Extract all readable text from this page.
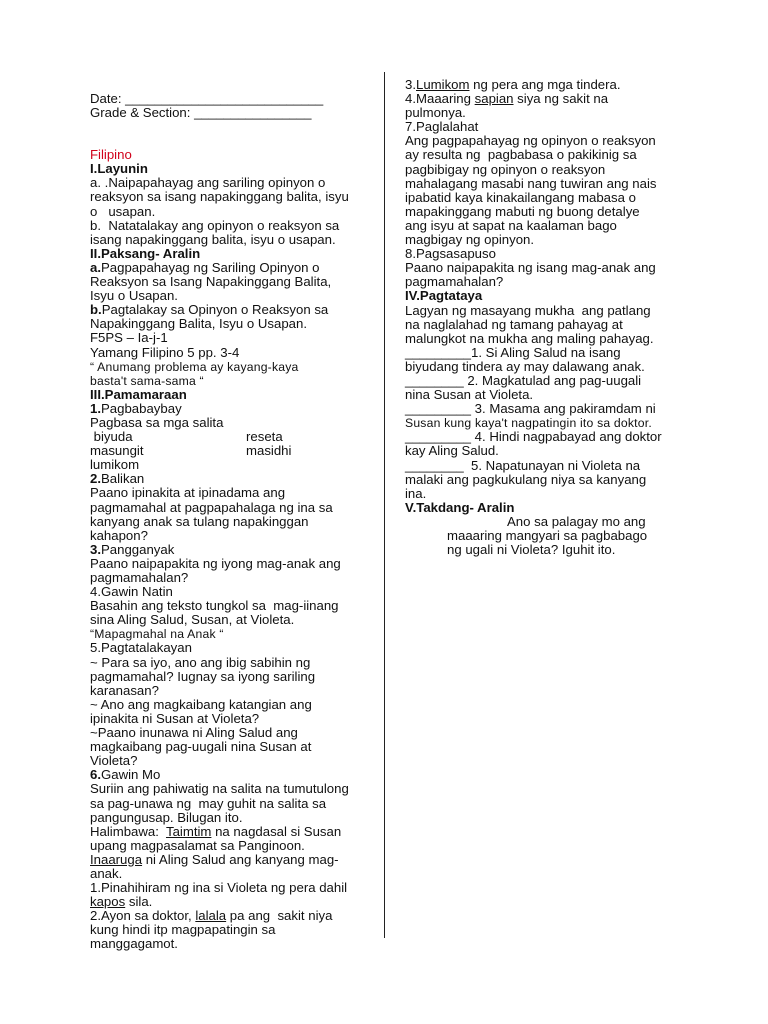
Date: ___________________________
Grade & Section: ________________
Filipino
I.Layunin
a. .Naipapahayag ang sariling opinyon o
reaksyon sa isang napakinggang balita, isyu
o   usapan.
b.  Natatalakay ang opinyon o reaksyon sa
isang napakinggang balita, isyu o usapan.
II.Paksang- Aralin
a.Pagpapahayag ng Sariling Opinyon o
Reaksyon sa Isang Napakinggang Balita,
Isyu o Usapan.
b.Pagtalakay sa Opinyon o Reaksyon sa
Napakinggang Balita, Isyu o Usapan.
F5PS – Ia-j-1
Yamang Filipino 5 pp. 3-4
“ Anumang problema ay kayang-kaya
basta't sama-sama “
III.Pamamaraan
1.Pagbabaybay
Pagbasa sa mga salita
biyuda	reseta
masungit	masidhi
lumikom
2.Balikan
Paano ipinakita at ipinadama ang
pagmamahal at pagpapahalaga ng ina sa
kanyang anak sa tulang napakinggan
kahapon?
3.Pangganyak
Paano naipapakita ng iyong mag-anak ang
pagmamahalan?
4.Gawin Natin
Basahin ang teksto tungkol sa  mag-iinang
sina Aling Salud, Susan, at Violeta.
“Mapagmahal na Anak “
5.Pagtatalakayan
~ Para sa iyo, ano ang ibig sabihin ng
pagmamahal? Iugnay sa iyong sariling
karanasan?
~ Ano ang magkaibang katangian ang
ipinakita ni Susan at Violeta?
~Paano inunawa ni Aling Salud ang
magkaibang pag-uugali nina Susan at
Violeta?
6.Gawin Mo
Suriin ang pahiwatig na salita na tumutulong
sa pag-unawa ng  may guhit na salita sa
pangungusap. Bilugan ito.
Halimbawa:  Taimtim na nagdasal si Susan
upang magpasalamat sa Panginoon.
Inaaruga ni Aling Salud ang kanyang mag-
anak.
1.Pinahihiram ng ina si Violeta ng pera dahil
kapos sila.
2.Ayon sa doktor, lalala pa ang  sakit niya
kung hindi itp magpapatingin sa
manggagamot.
3.Lumikom ng pera ang mga tindera.
4.Maaaring sapian siya ng sakit na
pulmonya.
7.Paglalahat
Ang pagpapahayag ng opinyon o reaksyon
ay resulta ng  pagbabasa o pakikinig sa
pagbibigay ng opinyon o reaksyon
mahalagang masabi nang tuwiran ang nais
ipabatid kaya kinakailangang mabasa o
mapakinggang mabuti ng buong detalye
ang isyu at sapat na kaalaman bago
magbigay ng opinyon.
8.Pagsasapuso
Paano naipapakita ng isang mag-anak ang
pagmamahalan?
IV.Pagtataya
Lagyan ng masayang mukha  ang patlang
na naglalahad ng tamang pahayag at
malungkot na mukha ang maling pahayag.
_________1. Si Aling Salud na isang
biyudang tindera ay may dalawang anak.
________ 2. Magkatulad ang pag-uugali
nina Susan at Violeta.
_________ 3. Masama ang pakiramdam ni
Susan kung kaya't nagpatingin ito sa doktor.
_________ 4. Hindi nagpabayad ang doktor
kay Aling Salud.
________  5. Napatunayan ni Violeta na
malaki ang pagkukulang niya sa kanyang
ina.
V.Takdang- Aralin
Ano sa palagay mo ang
maaaring mangyari sa pagbabago
ng ugali ni Violeta? Iguhit ito.
